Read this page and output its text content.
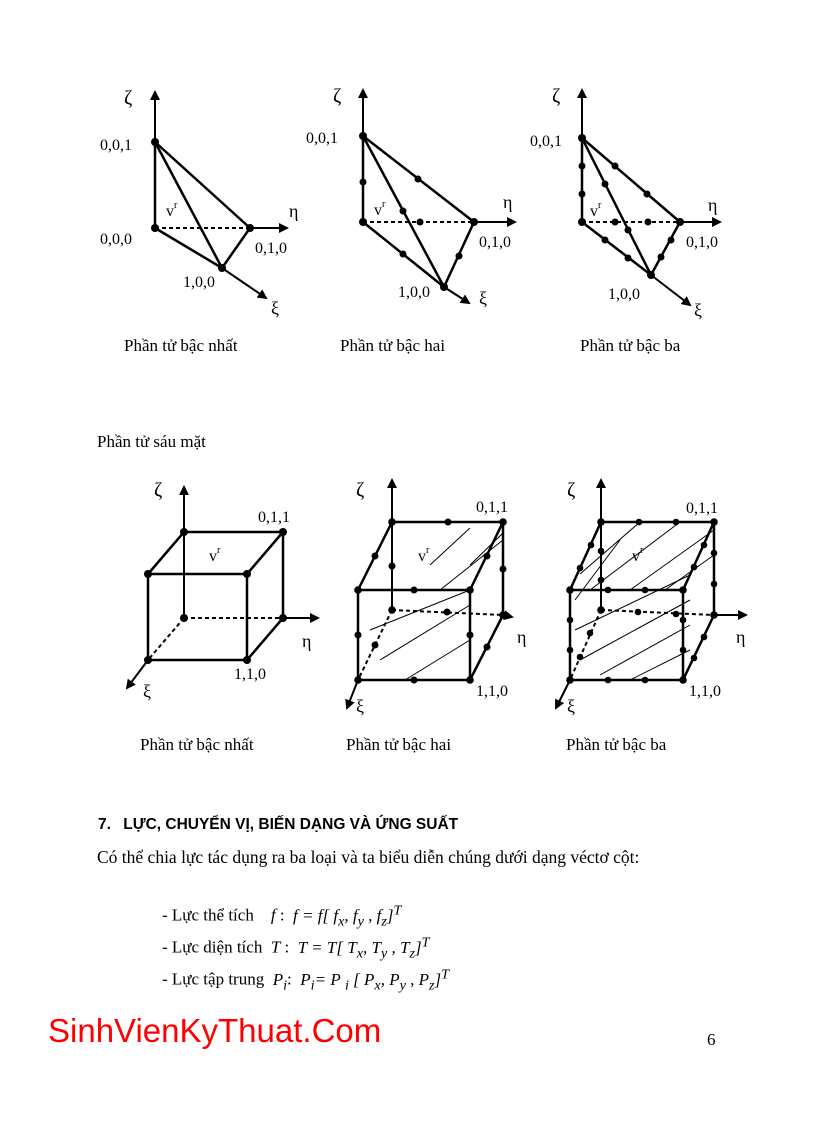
ζ
η
ξ
0,0,1
0,0,0
0,1,0
1,0,0
$v^r$
ζ
η
ξ
0,0,1
0,1,0
1,0,0
$v^r$
ζ
η
ξ
0,0,1
0,1,0
1,0,0
$v^r$
ζ
η
ξ
0,1,1
1,1,0
$v^r$
ζ
η
ξ
0,1,1
1,1,0
$v^r$
ζ
η
ξ
0,1,1
1,1,0
$v^r$
Phần tử bậc nhất	Phần tử bậc hai	Phần tử bậc ba
Phần tử sáu mặt
Phần tử bậc nhất	Phần tử bậc hai	Phần tử bậc ba
7. LỰC, CHUYỂN VỊ, BIẾN DẠNG VÀ ỨNG SUẤT
Có thể chia lực tác dụng ra ba loại và ta biểu diễn chúng dưới dạng véctơ cột:
- Lực thể tích f :  f = f[ $f_x$, $f_y$ , $f_z]^T$
- Lực diện tích T :  T = T[ $T_x$, $T_y$ , $T_z]^T$
- Lực tập trung $P_i$:  $P_i= P$ $_i$ [ $P_x$, $P_y$ , $P_z]^T$
SinhVienKyThuat.Com	6
